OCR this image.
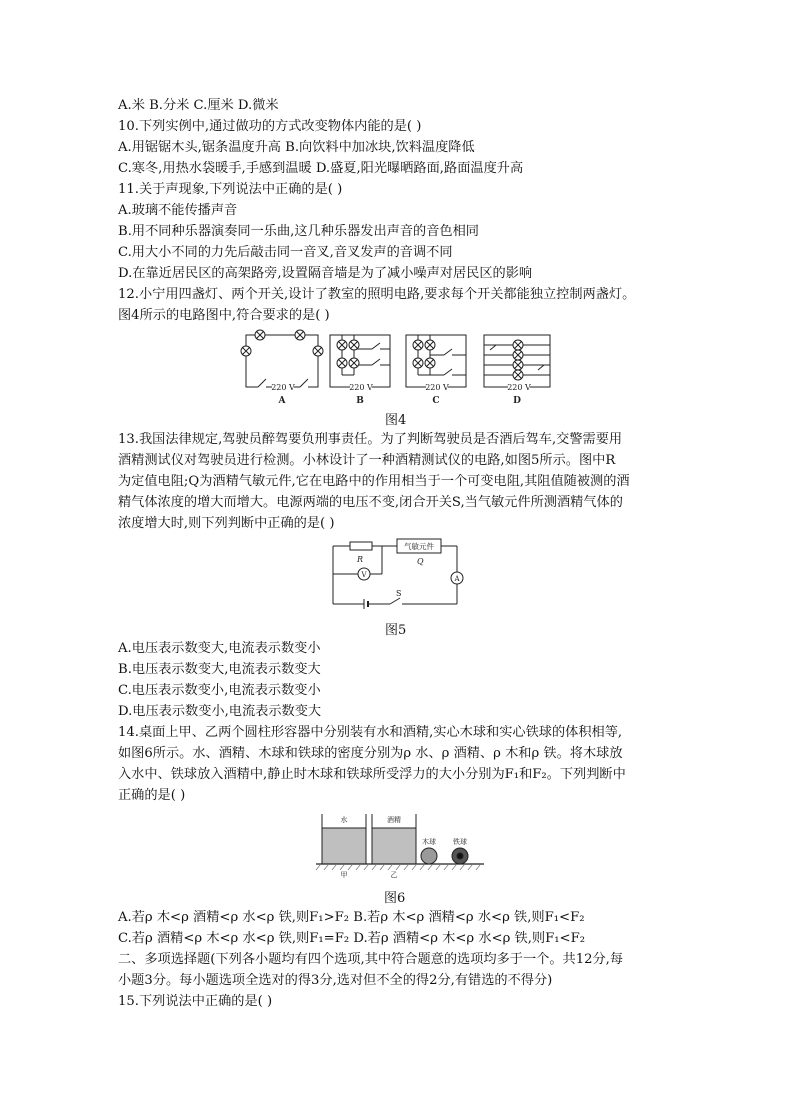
A.米 B.分米 C.厘米 D.微米
10.下列实例中,通过做功的方式改变物体内能的是( )
A.用锯锯木头,锯条温度升高 B.向饮料中加冰块,饮料温度降低
C.寒冬,用热水袋暖手,手感到温暖 D.盛夏,阳光曝晒路面,路面温度升高
11.关于声现象,下列说法中正确的是( )
A.玻璃不能传播声音
B.用不同种乐器演奏同一乐曲,这几种乐器发出声音的音色相同
C.用大小不同的力先后敲击同一音叉,音叉发声的音调不同
D.在靠近居民区的高架路旁,设置隔音墙是为了减小噪声对居民区的影响
12.小宁用四盏灯、两个开关,设计了教室的照明电路,要求每个开关都能独立控制两盏灯。
图4所示的电路图中,符合要求的是( )
220 V	220 V	220 V	220 V
A	B	C	D
图4
13.我国法律规定,驾驶员醉驾要负刑事责任。为了判断驾驶员是否酒后驾车,交警需要用
酒精测试仪对驾驶员进行检测。小林设计了一种酒精测试仪的电路,如图5所示。图中R
为定值电阻;Q为酒精气敏元件,它在电路中的作用相当于一个可变电阻,其阻值随被测的酒
精气体浓度的增大而增大。电源两端的电压不变,闭合开关S,当气敏元件所测酒精气体的
浓度增大时,则下列判断中正确的是( )
R
气敏元件
Q
V	A
S
图5
A.电压表示数变大,电流表示数变小
B.电压表示数变大,电流表示数变大
C.电压表示数变小,电流表示数变小
D.电压表示数变小,电流表示数变大
14.桌面上甲、乙两个圆柱形容器中分别装有水和酒精,实心木球和实心铁球的体积相等,
如图6所示。水、酒精、木球和铁球的密度分别为ρ 水、ρ 酒精、ρ 木和ρ 铁。将木球放
入水中、铁球放入酒精中,静止时木球和铁球所受浮力的大小分别为F₁和F₂。下列判断中
正确的是( )
水	酒精
木球 铁球
甲	乙
图6
A.若ρ 木<ρ 酒精<ρ 水<ρ 铁,则F₁>F₂ B.若ρ 木<ρ 酒精<ρ 水<ρ 铁,则F₁<F₂
C.若ρ 酒精<ρ 木<ρ 水<ρ 铁,则F₁=F₂ D.若ρ 酒精<ρ 木<ρ 水<ρ 铁,则F₁<F₂
二、多项选择题(下列各小题均有四个选项,其中符合题意的选项均多于一个。共12分,每
小题3分。每小题选项全选对的得3分,选对但不全的得2分,有错选的不得分)
15.下列说法中正确的是( )
